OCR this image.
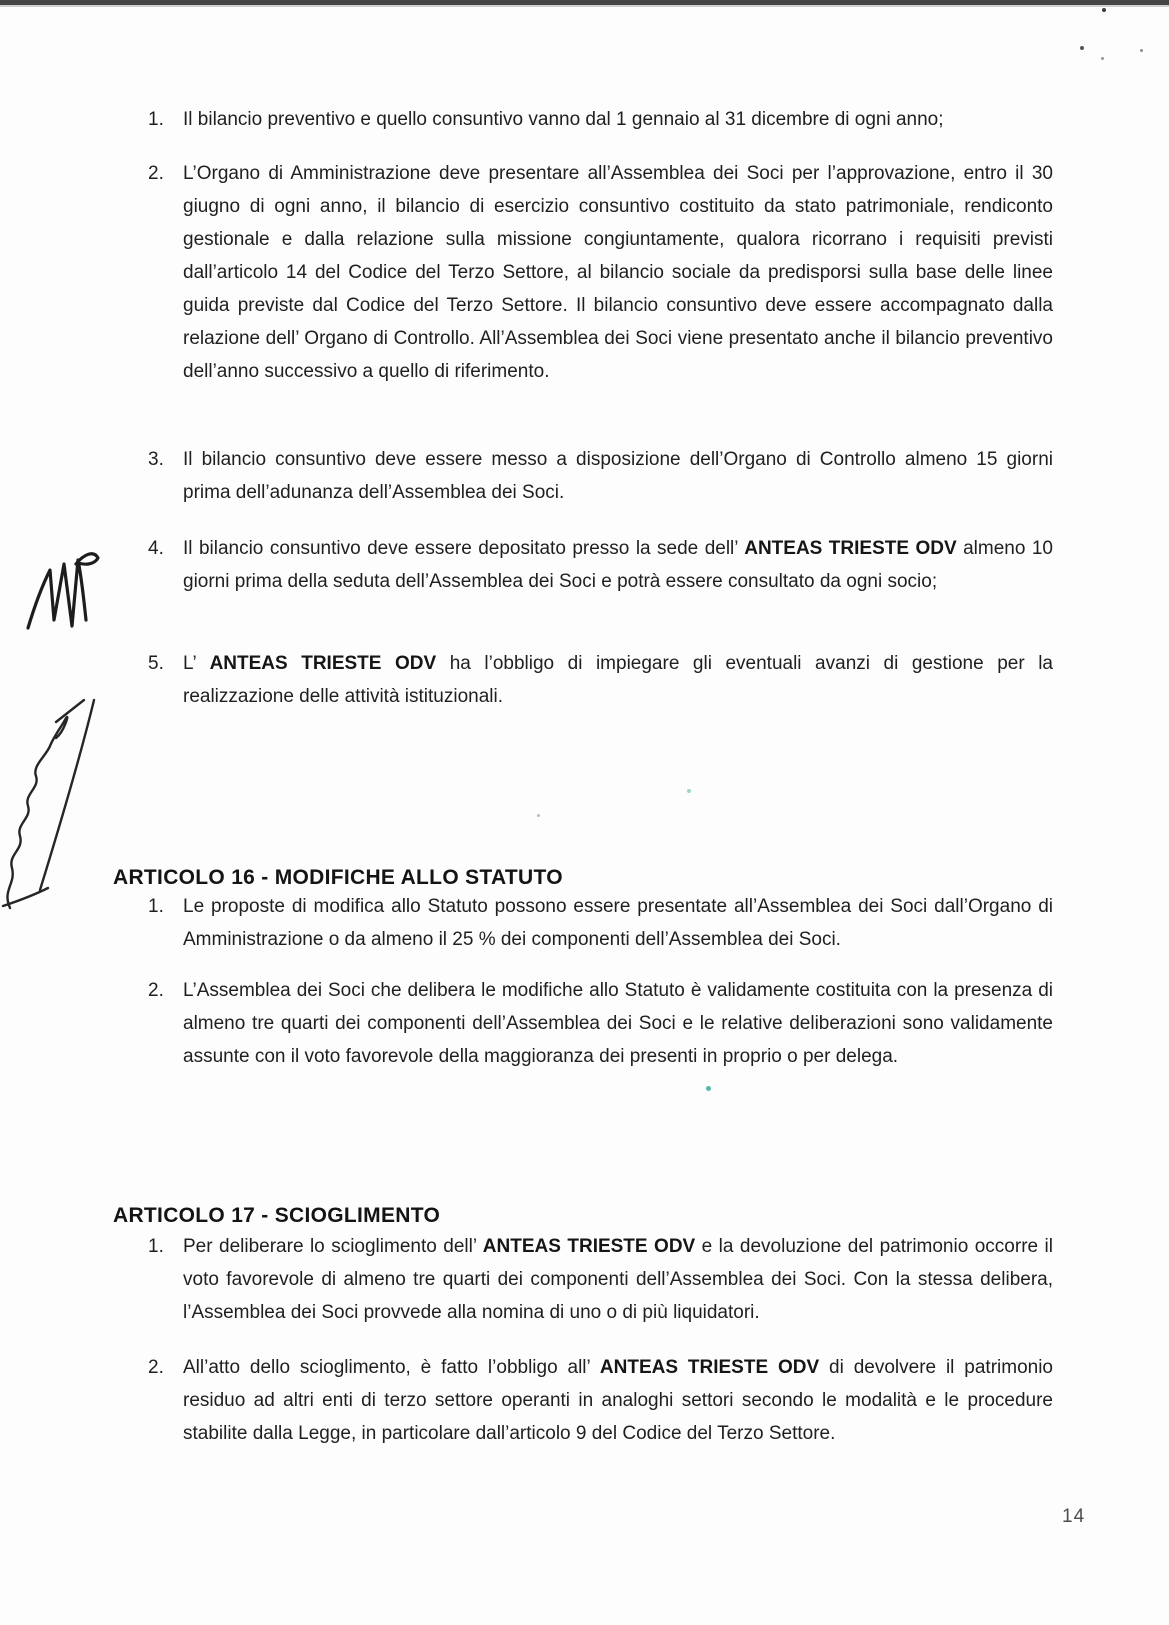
1.	Il bilancio preventivo e quello consuntivo vanno dal 1 gennaio al 31 dicembre di ogni anno;

2.	L’Organo di Amministrazione deve presentare all’Assemblea dei Soci per l’approvazione, entro il 30 giugno di ogni anno, il bilancio di esercizio consuntivo costituito da stato patrimoniale, rendiconto gestionale e dalla relazione sulla missione congiuntamente, qualora ricorrano i requisiti previsti dall’articolo 14 del Codice del Terzo Settore, al bilancio sociale da predisporsi sulla base delle linee guida previste dal Codice del Terzo Settore. Il bilancio consuntivo deve essere accompagnato dalla relazione dell’ Organo di Controllo. All’Assemblea dei Soci viene presentato anche il bilancio preventivo dell’anno successivo a quello di riferimento.

3.	Il bilancio consuntivo deve essere messo a disposizione dell’Organo di Controllo almeno 15 giorni prima dell’adunanza dell’Assemblea dei Soci.

4.	Il bilancio consuntivo deve essere depositato presso la sede dell’ ANTEAS TRIESTE ODV almeno 10 giorni prima della seduta dell’Assemblea dei Soci e potrà essere consultato da ogni socio;

5.	L’ ANTEAS TRIESTE ODV ha l’obbligo di impiegare gli eventuali avanzi di gestione per la realizzazione delle attività istituzionali.

ARTICOLO 16 - MODIFICHE ALLO STATUTO
1.	Le proposte di modifica allo Statuto possono essere presentate all’Assemblea dei Soci dall’Organo di Amministrazione o da almeno il 25 % dei componenti dell’Assemblea dei Soci.

2.	L’Assemblea dei Soci che delibera le modifiche allo Statuto è validamente costituita con la presenza di almeno tre quarti dei componenti dell’Assemblea dei Soci e le relative deliberazioni sono validamente assunte con il voto favorevole della maggioranza dei presenti in proprio o per delega.

ARTICOLO 17 - SCIOGLIMENTO
1.	Per deliberare lo scioglimento dell’ ANTEAS TRIESTE ODV e la devoluzione del patrimonio occorre il voto favorevole di almeno tre quarti dei componenti dell’Assemblea dei Soci. Con la stessa delibera, l’Assemblea dei Soci provvede alla nomina di uno o di più liquidatori.

2.	All’atto dello scioglimento, è fatto l’obbligo all’ ANTEAS TRIESTE ODV di devolvere il patrimonio residuo ad altri enti di terzo settore operanti in analoghi settori secondo le modalità e le procedure stabilite dalla Legge, in particolare dall’articolo 9 del Codice del Terzo Settore.

14
